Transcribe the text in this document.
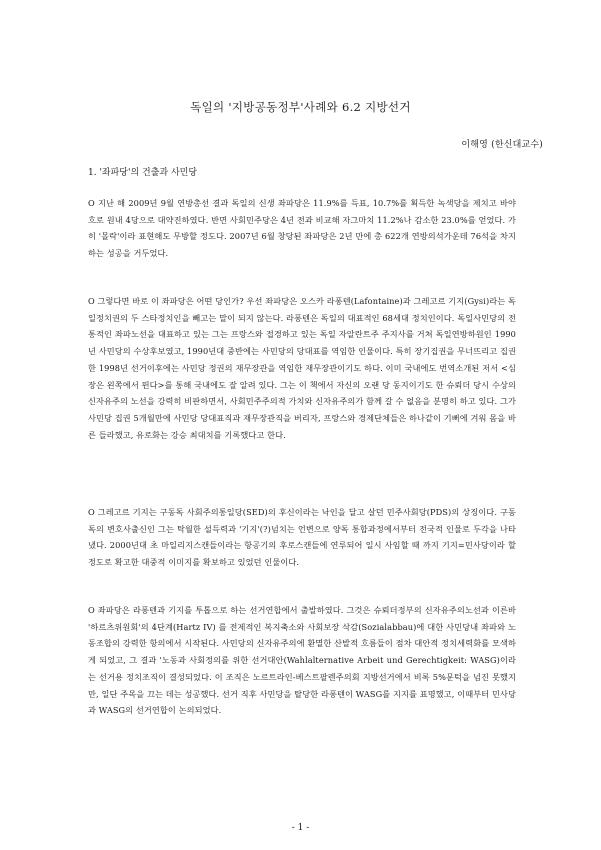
독일의 '지방공동정부'사례와 6.2 지방선거
이해영 (한신대교수)
1. '좌파당'의 건출과 사민당
O 지난 해 2009년 9월 연방총선 결과 독일의 신생 좌파당은 11.9%를 득표, 10.7%를 획득한 녹색당을 제치고 바야흐로 원내 4당으로 대약진하였다. 반면 사회민주당은 4년 전과 비교해 자그마치 11.2%나 감소한 23.0%를 얻었다. 가히 '몰락'이라 표현해도 무방할 정도다. 2007년 6월 창당된 좌파당은 2년 만에 총 622개 연방의석가운데 76석을 차지하는 성공을 거두었다.
O 그렇다면 바로 이 좌파당은 어떤 당인가? 우선 좌파당은 오스카 라퐁텐(Lafontaine)과 그레고르 기지(Gysi)라는 독일정치권의 두 스타정치인을 빼고는 말이 되지 않는다. 라퐁텐은 독일의 대표적인 68세대 정치인이다. 독일사민당의 전통적인 좌파노선을 대표하고 있는 그는 프랑스와 접경하고 있는 독일 자알란트주 주지사를 거쳐 독일연방하원인 1990년 사민당의 수상후보였고, 1990년대 중반에는 사민당의 당대표를 역임한 인물이다. 특히 장기집권을 무너뜨리고 집권한 1998년 선거이후에는 사민당 정권의 재무장관을 역임한 재무장관이기도 하다. 이미 국내에도 번역소개된 저서 <심장은 왼쪽에서 뛴다>를 통해 국내에도 잘 알려 있다. 그는 이 책에서 자신의 오랜 당 동지이기도 한 슈뢰더 당시 수상의 신자유주의 노선을 강력히 비판하면서, 사회민주주의적 가치와 신자유주의가 함께 갈 수 없음을 분명히 하고 있다. 그가 사민당 집권 5개월만에 사민당 당대표직과 재무장관직을 버리자, 프랑스와 경제단체들은 하나같이 기뻐에 겨워 몸을 바른 들라했고, 유로화는 강승 최대치를 기록했다고 한다.
O 그레고르 기지는 구동독 사회주의통일당(SED)의 후신이라는 낙인을 달고 살던 민주사회당(PDS)의 상징이다. 구동독의 변호사출신인 그는 탁월한 설득력과 '기지'(?)넘치는 언변으로 양독 통합과정에서부터 전국적 인물로 두각을 나타냈다. 2000년대 초 마일리지스캔들이라는 항공기의 후로스캔들에 연루되어 일시 사임할 때 까지 기지=민사당이라 할 정도로 확고한 대중적 이미지를 확보하고 있었던 인물이다.
O 좌파당은 라퐁텐과 기지를 투톱으로 하는 선거연합에서 출발하였다. 그것은 슈뢰더정부의 신자유주의노선과 이른바 '하르츠위원회'의 4단계(Hartz IV) 를 전제적인 복지축소와 사회보장 삭감(Sozialabbau)에 대한 사민당내 좌파와 노동조합의 강력한 항의에서 시작된다. 사민당의 신자유주의에 환멸한 산발적 흐름들이 점차 대안적 정치세력화를 모색하게 되었고, 그 결과 '노동과 사회정의를 위한 선거대안(Wahlalternative Arbeit und Gerechtigkeit: WASG)이라는 선거용 정치조직이 결성되었다. 이 조직은 노르트라인-베스트팔렌주의회 지방선거에서 비록 5%문턱을 넘진 못했지만, 일단 주목을 끄는 데는 성공했다. 선거 직후 사민당을 탈당한 라퐁텐이 WASG를 지지를 표명했고, 이때부터 민사당과 WASG의 선거연합이 논의되었다.
- 1 -
